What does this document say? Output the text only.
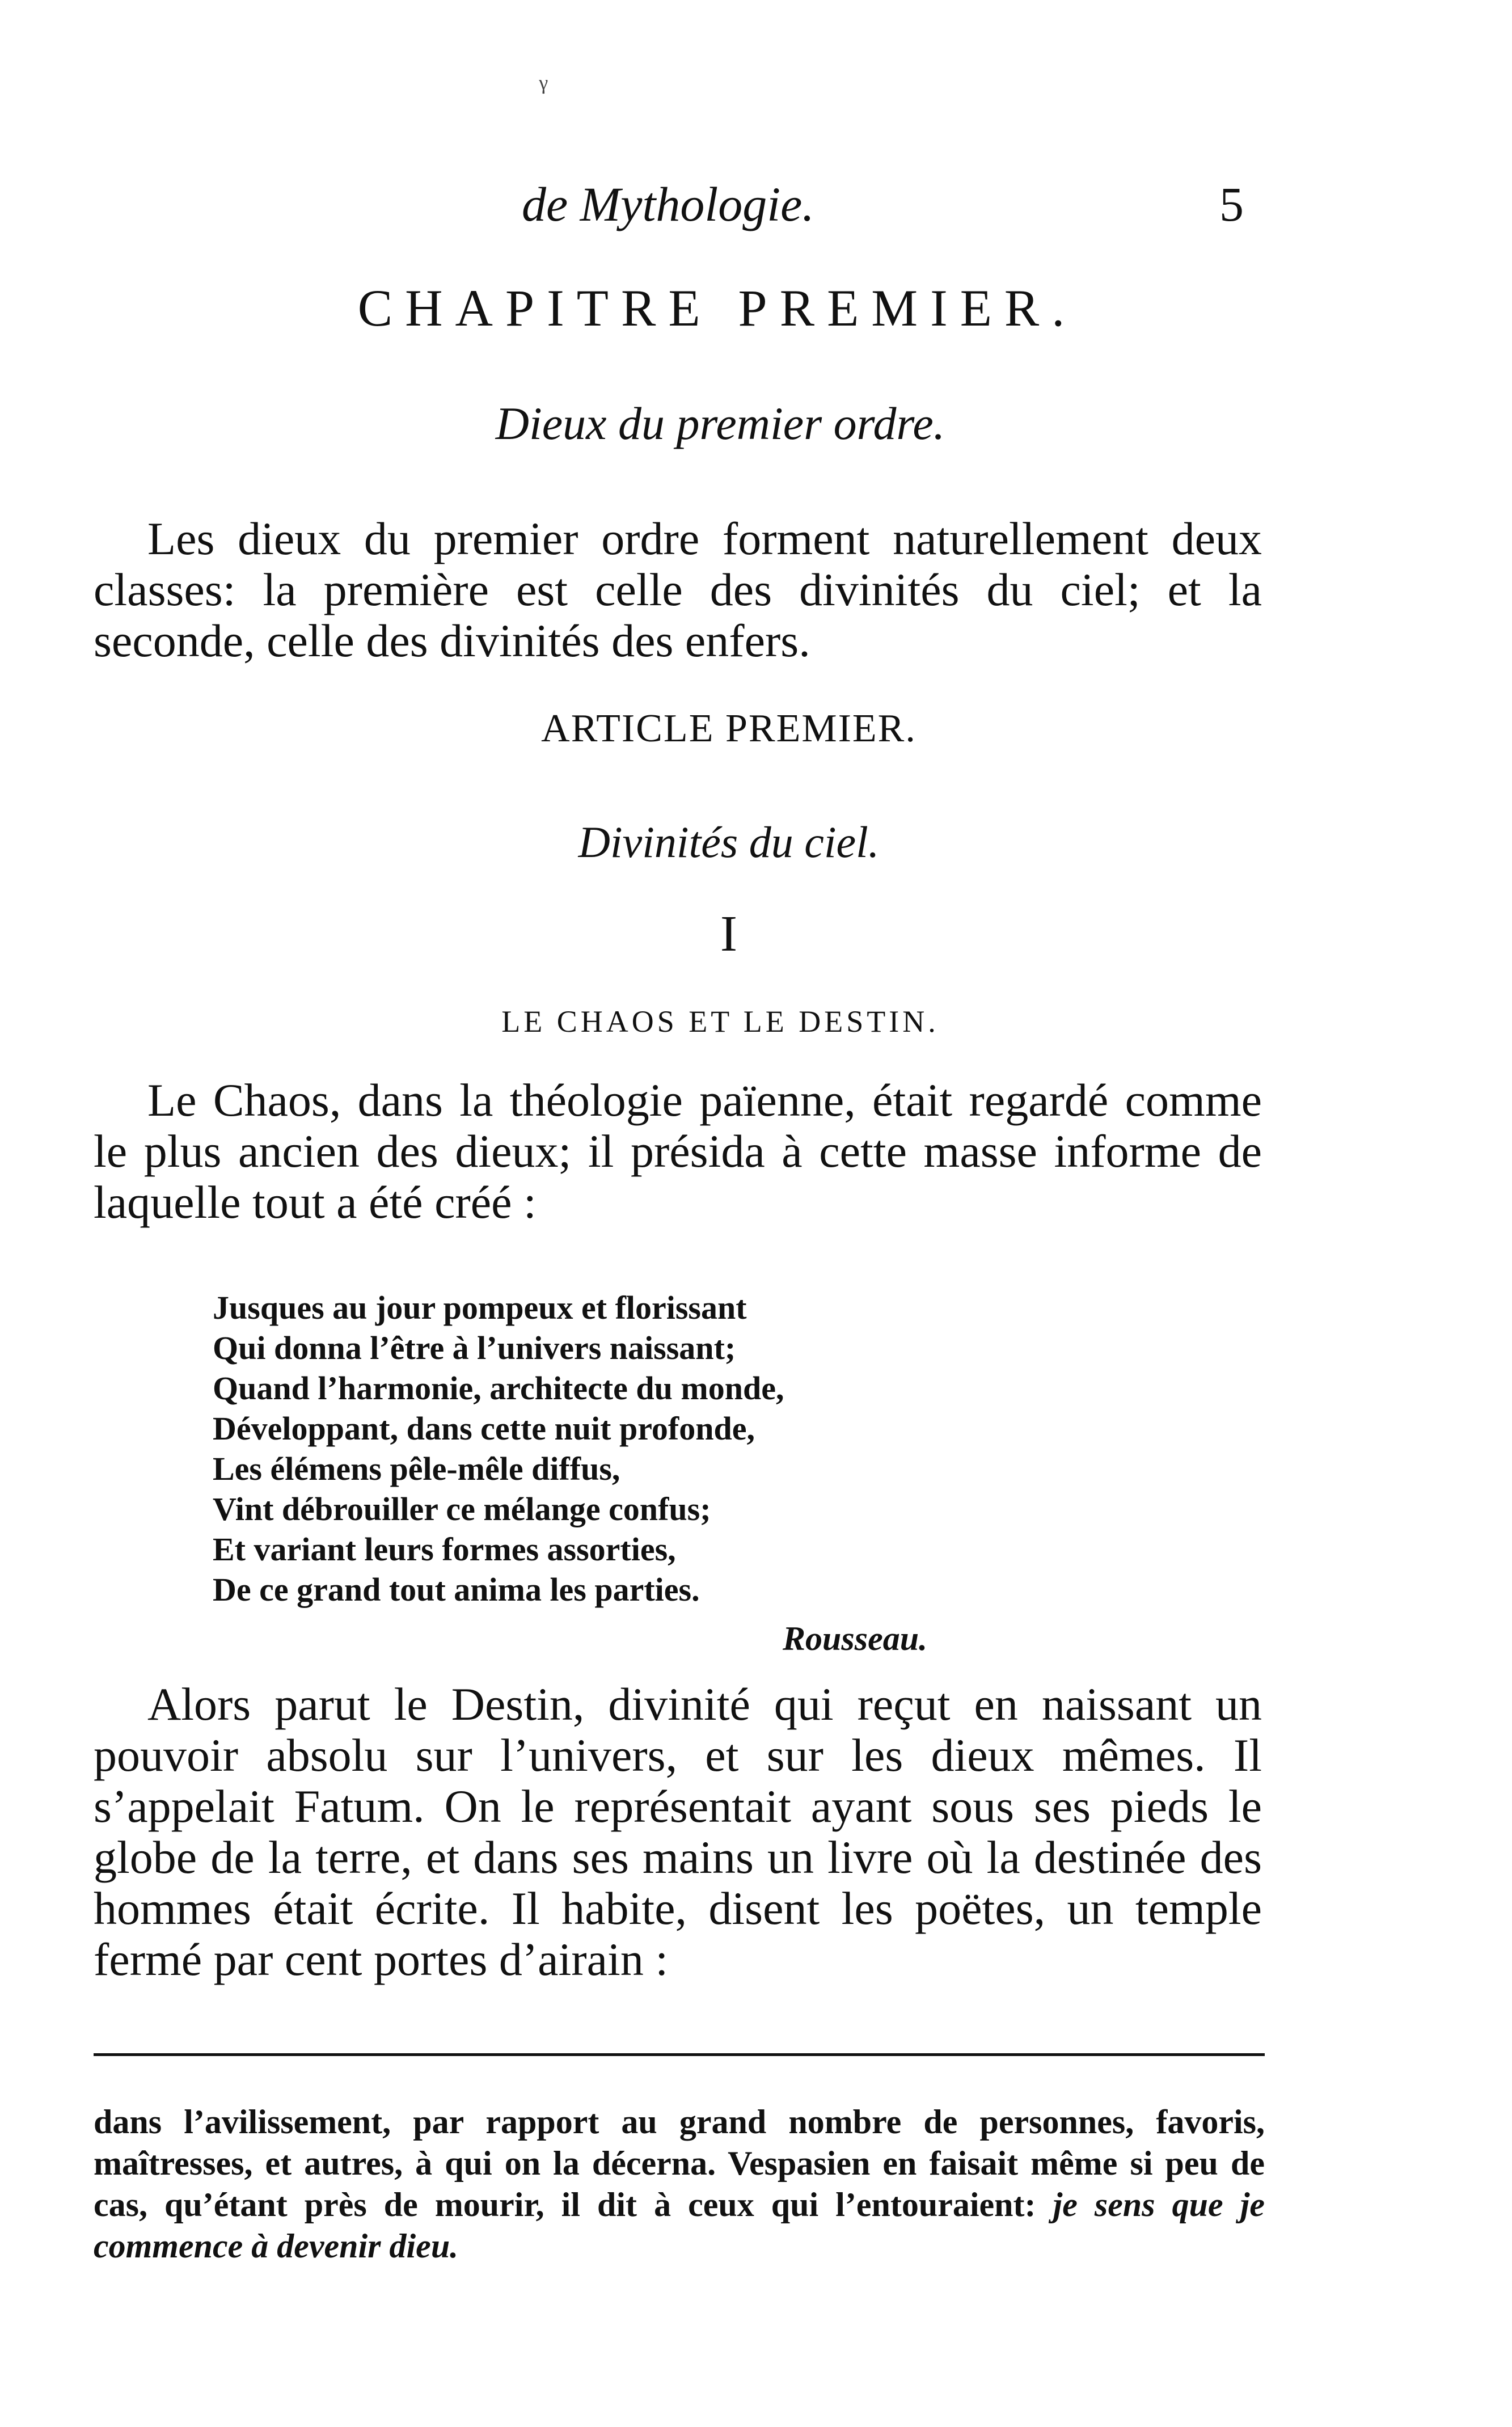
ᵞ
de Mythologie.	5
CHAPITRE PREMIER.
Dieux du premier ordre.

Les dieux du premier ordre forment naturellement deux classes: la première est celle des divinités du ciel; et la seconde, celle des divinités des enfers.

ARTICLE PREMIER.
Divinités du ciel.
I
LE CHAOS ET LE DESTIN.

Le Chaos, dans la théologie païenne, était regardé comme le plus ancien des dieux; il présida à cette masse informe de laquelle tout a été créé :

Jusques au jour pompeux et florissant
Qui donna l’être à l’univers naissant;
Quand l’harmonie, architecte du monde,
Développant, dans cette nuit profonde,
Les élémens pêle-mêle diffus,
Vint débrouiller ce mélange confus;
Et variant leurs formes assorties,
De ce grand tout anima les parties.
Rousseau.

Alors parut le Destin, divinité qui reçut en naissant un pouvoir absolu sur l’univers, et sur les dieux mêmes. Il s’appelait Fatum. On le représentait ayant sous ses pieds le globe de la terre, et dans ses mains un livre où la destinée des hommes était écrite. Il habite, disent les poëtes, un temple fermé par cent portes d’airain :

dans l’avilissement, par rapport au grand nombre de personnes, favoris, maîtresses, et autres, à qui on la décerna. Vespasien en faisait même si peu de cas, qu’étant près de mourir, il dit à ceux qui l’entouraient: je sens que je commence à devenir dieu.
